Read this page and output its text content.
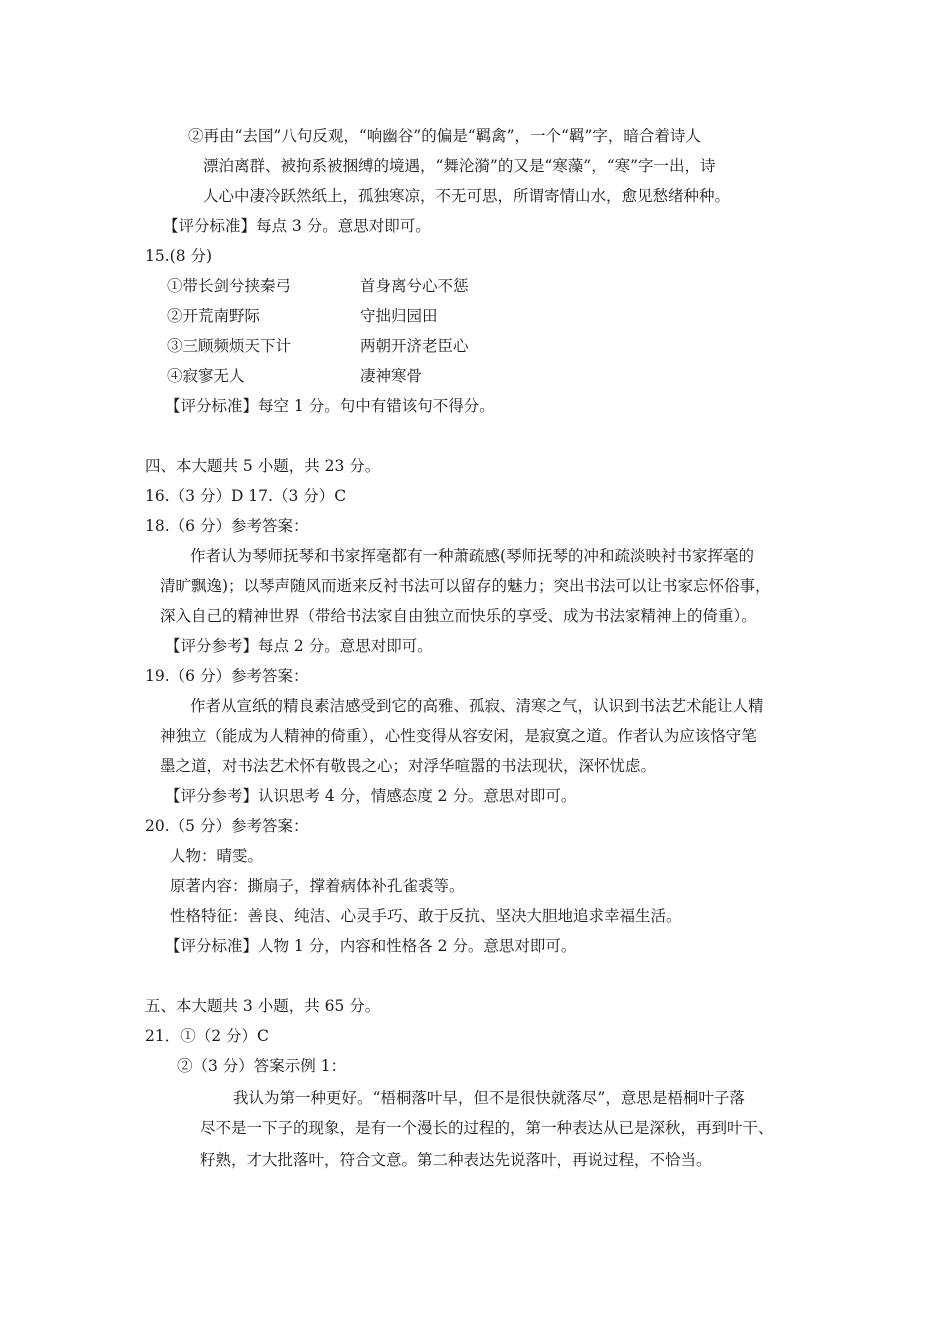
②再由“去国”八句反观，“响幽谷”的偏是“羁禽”，一个“羁”字，暗合着诗人
漂泊离群、被拘系被捆缚的境遇，“舞沦漪”的又是“寒藻”，“寒”字一出，诗
人心中凄冷跃然纸上，孤独寒凉，不无可思，所谓寄情山水，愈见愁绪种种。
【评分标准】每点 3 分。意思对即可。
15.(8 分)
①带长剑兮挟秦弓	首身离兮心不惩
②开荒南野际	守拙归园田
③三顾频烦天下计	两朝开济老臣心
④寂寥无人	凄神寒骨
【评分标准】每空 1 分。句中有错该句不得分。
四、本大题共 5 小题，共 23 分。
16.（3 分）D 17.（3 分）C
18.（6 分）参考答案：
作者认为琴师抚琴和书家挥毫都有一种萧疏感(琴师抚琴的冲和疏淡映衬书家挥毫的
清旷飘逸)；以琴声随风而逝来反衬书法可以留存的魅力；突出书法可以让书家忘怀俗事，
深入自己的精神世界（带给书法家自由独立而快乐的享受、成为书法家精神上的倚重）。
【评分参考】每点 2 分。意思对即可。
19.（6 分）参考答案：
作者从宣纸的精良素洁感受到它的高雅、孤寂、清寒之气，认识到书法艺术能让人精
神独立（能成为人精神的倚重），心性变得从容安闲，是寂寞之道。作者认为应该恪守笔
墨之道，对书法艺术怀有敬畏之心；对浮华喧嚣的书法现状，深怀忧虑。
【评分参考】认识思考 4 分，情感态度 2 分。意思对即可。
20.（5 分）参考答案：
人物：晴雯。
原著内容：撕扇子，撑着病体补孔雀裘等。
性格特征：善良、纯洁、心灵手巧、敢于反抗、坚决大胆地追求幸福生活。
【评分标准】人物 1 分，内容和性格各 2 分。意思对即可。
五、本大题共 3 小题，共 65 分。
21．①（2 分）C
②（3 分）答案示例 1：
我认为第一种更好。“梧桐落叶早，但不是很快就落尽”，意思是梧桐叶子落
尽不是一下子的现象，是有一个漫长的过程的，第一种表达从已是深秋，再到叶干、
籽熟，才大批落叶，符合文意。第二种表达先说落叶，再说过程，不恰当。
